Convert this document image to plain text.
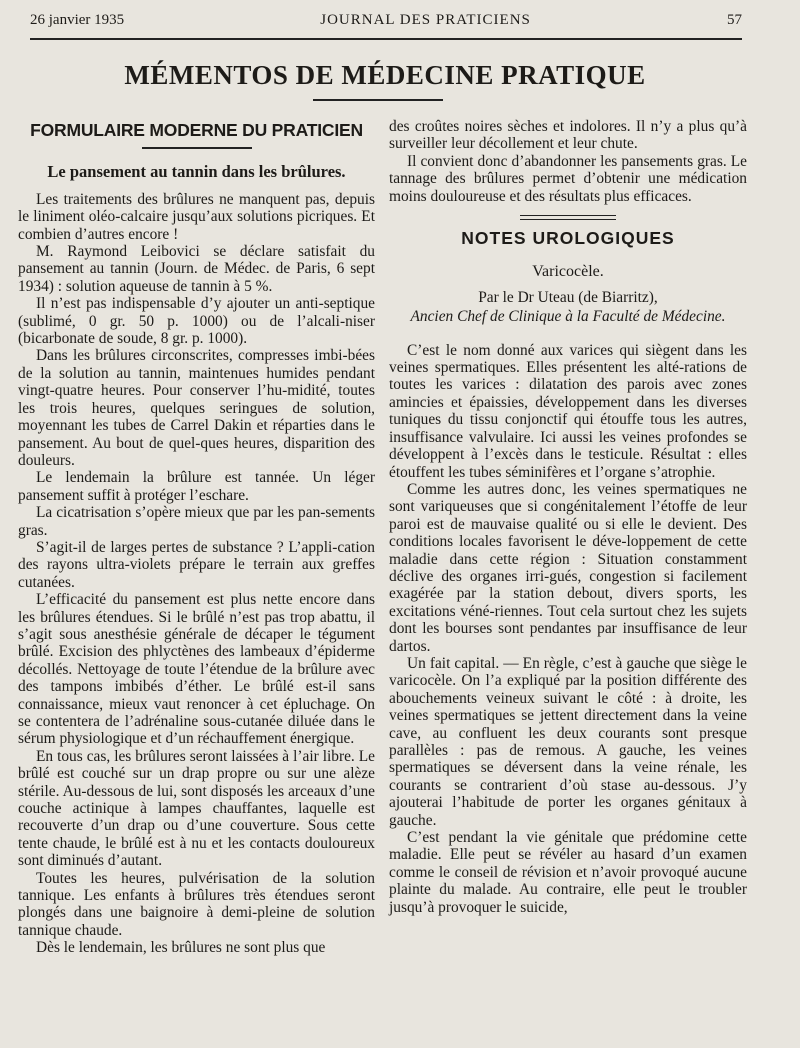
26 janvier 1935	JOURNAL DES PRATICIENS	57
MÉMENTOS DE MÉDECINE PRATIQUE
FORMULAIRE MODERNE DU PRATICIEN
Le pansement au tannin dans les brûlures.

Les traitements des brûlures ne manquent pas, depuis le liniment oléo-calcaire jusqu’aux solutions picriques. Et combien d’autres encore !

M. Raymond Leibovici se déclare satisfait du pansement au tannin (Journ. de Médec. de Paris, 6 sept 1934) : solution aqueuse de tannin à 5 %.

Il n’est pas indispensable d’y ajouter un anti-septique (sublimé, 0 gr. 50 p. 1000) ou de l’alcali-niser (bicarbonate de soude, 8 gr. p. 1000).

Dans les brûlures circonscrites, compresses imbi-bées de la solution au tannin, maintenues humides pendant vingt-quatre heures. Pour conserver l’hu-midité, toutes les trois heures, quelques seringues de solution, moyennant les tubes de Carrel Dakin et réparties dans le pansement. Au bout de quel-ques heures, disparition des douleurs.

Le lendemain la brûlure est tannée. Un léger pansement suffit à protéger l’eschare.

La cicatrisation s’opère mieux que par les pan-sements gras.

S’agit-il de larges pertes de substance ? L’appli-cation des rayons ultra-violets prépare le terrain aux greffes cutanées.

L’efficacité du pansement est plus nette encore dans les brûlures étendues. Si le brûlé n’est pas trop abattu, il s’agit sous anesthésie générale de décaper le tégument brûlé. Excision des phlyctènes des lambeaux d’épiderme décollés. Nettoyage de toute l’étendue de la brûlure avec des tampons imbibés d’éther. Le brûlé est-il sans connaissance, mieux vaut renoncer à cet épluchage. On se contentera de l’adrénaline sous-cutanée diluée dans le sérum physiologique et d’un réchauffement énergique.

En tous cas, les brûlures seront laissées à l’air libre. Le brûlé est couché sur un drap propre ou sur une alèze stérile. Au-dessous de lui, sont disposés les arceaux d’une couche actinique à lampes chauffantes, laquelle est recouverte d’un drap ou d’une couverture. Sous cette tente chaude, le brûlé est à nu et les contacts douloureux sont diminués d’autant.

Toutes les heures, pulvérisation de la solution tannique. Les enfants à brûlures très étendues seront plongés dans une baignoire à demi-pleine de solution tannique chaude.

Dès le lendemain, les brûlures ne sont plus que

des croûtes noires sèches et indolores. Il n’y a plus qu’à surveiller leur décollement et leur chute.

Il convient donc d’abandonner les pansements gras. Le tannage des brûlures permet d’obtenir une médication moins douloureuse et des résultats plus efficaces.

NOTES UROLOGIQUES
Varicocèle.
Par le Dr Uteau (de Biarritz),
Ancien Chef de Clinique à la Faculté de Médecine.

C’est le nom donné aux varices qui siègent dans les veines spermatiques. Elles présentent les alté-rations de toutes les varices : dilatation des parois avec zones amincies et épaissies, développement dans les diverses tuniques du tissu conjonctif qui étouffe tous les autres, insuffisance valvulaire. Ici aussi les veines profondes se développent à l’excès dans le testicule. Résultat : elles étouffent les tubes séminifères et l’organe s’atrophie.

Comme les autres donc, les veines spermatiques ne sont variqueuses que si congénitalement l’étoffe de leur paroi est de mauvaise qualité ou si elle le devient. Des conditions locales favorisent le déve-loppement de cette maladie dans cette région : Situation constamment déclive des organes irri-gués, congestion si facilement exagérée par la station debout, divers sports, les excitations véné-riennes. Tout cela surtout chez les sujets dont les bourses sont pendantes par insuffisance de leur dartos.

Un fait capital. — En règle, c’est à gauche que siège le varicocèle. On l’a expliqué par la position différente des abouchements veineux suivant le côté : à droite, les veines spermatiques se jettent directement dans la veine cave, au confluent les deux courants sont presque parallèles : pas de remous. A gauche, les veines spermatiques se déversent dans la veine rénale, les courants se contrarient d’où stase au-dessous. J’y ajouterai l’habitude de porter les organes génitaux à gauche.

C’est pendant la vie génitale que prédomine cette maladie. Elle peut se révéler au hasard d’un examen comme le conseil de révision et n’avoir provoqué aucune plainte du malade. Au contraire, elle peut le troubler jusqu’à provoquer le suicide,
